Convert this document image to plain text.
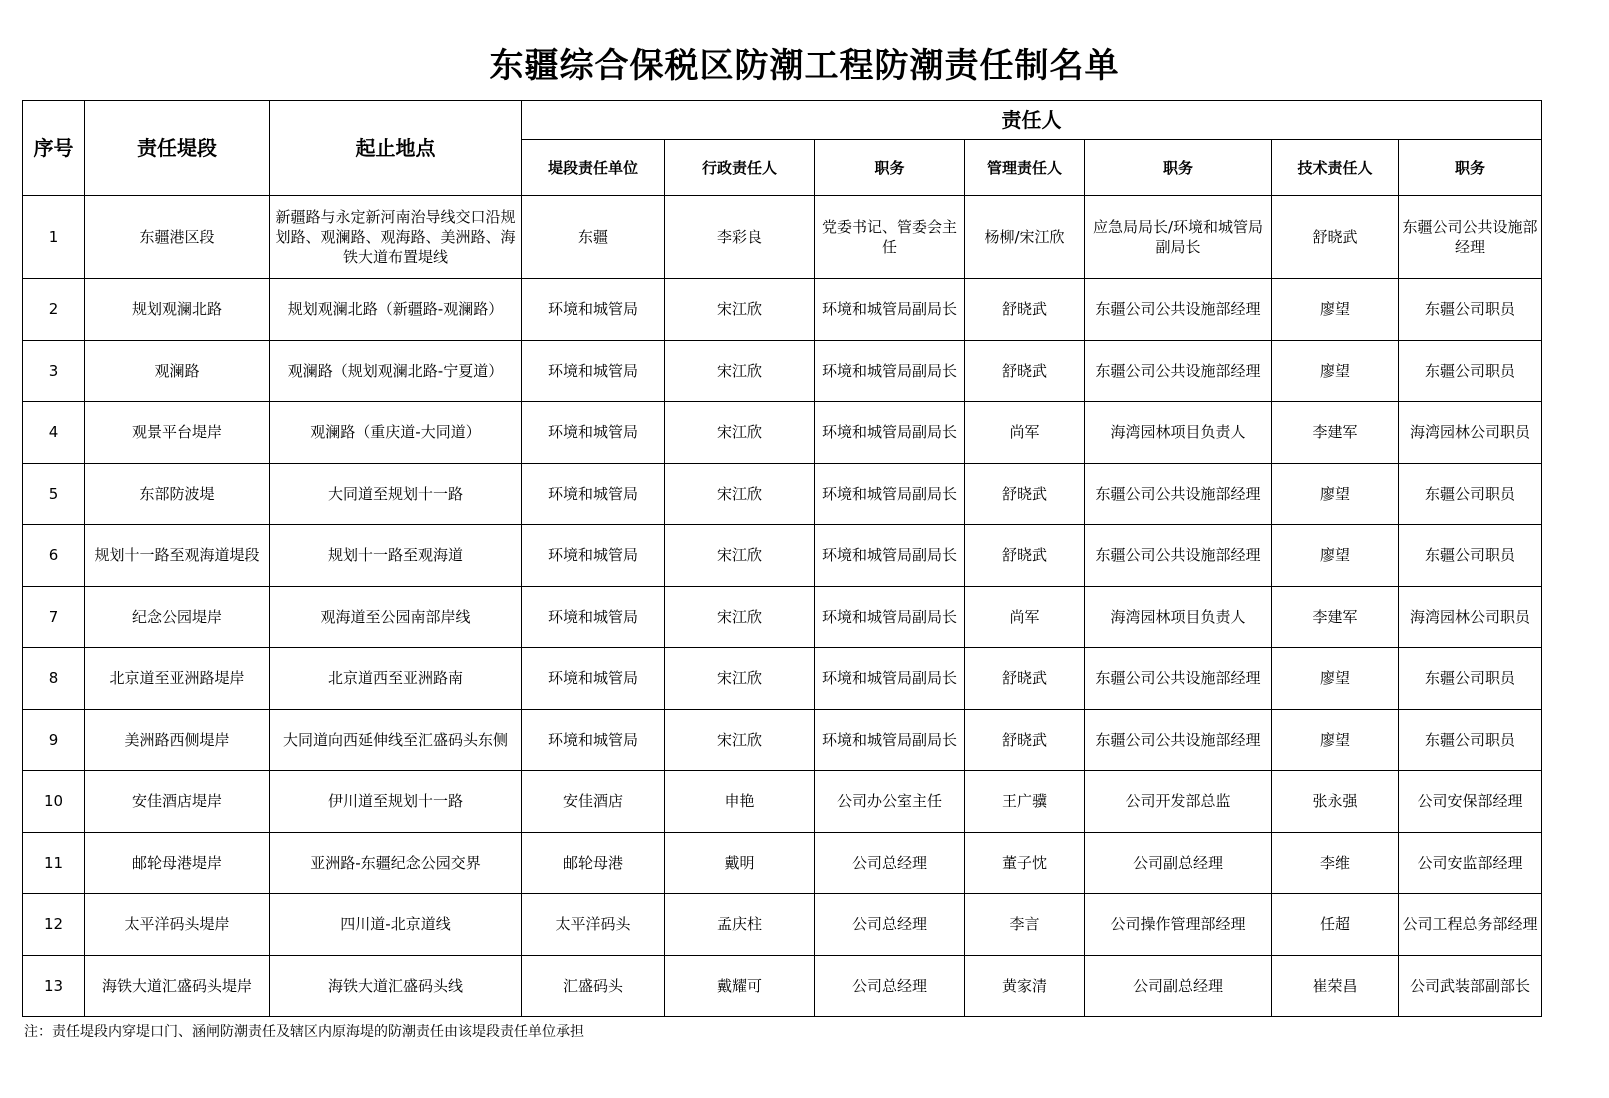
东疆综合保税区防潮工程防潮责任制名单
序号	责任堤段	起止地点	责任人						
			堤段责任单位	行政责任人	职务	管理责任人	职务	技术责任人	职务
1	东疆港区段	新疆路与永定新河南治导线交口沿规划路、观澜路、观海路、美洲路、海铁大道布置堤线	东疆	李彩良	党委书记、管委会主任	杨柳/宋江欣	应急局局长/环境和城管局副局长	舒晓武	东疆公司公共设施部经理
2	规划观澜北路	规划观澜北路（新疆路-观澜路）	环境和城管局	宋江欣	环境和城管局副局长	舒晓武	东疆公司公共设施部经理	廖望	东疆公司职员
3	观澜路	观澜路（规划观澜北路-宁夏道）	环境和城管局	宋江欣	环境和城管局副局长	舒晓武	东疆公司公共设施部经理	廖望	东疆公司职员
4	观景平台堤岸	观澜路（重庆道-大同道）	环境和城管局	宋江欣	环境和城管局副局长	尚军	海湾园林项目负责人	李建军	海湾园林公司职员
5	东部防波堤	大同道至规划十一路	环境和城管局	宋江欣	环境和城管局副局长	舒晓武	东疆公司公共设施部经理	廖望	东疆公司职员
6	规划十一路至观海道堤段	规划十一路至观海道	环境和城管局	宋江欣	环境和城管局副局长	舒晓武	东疆公司公共设施部经理	廖望	东疆公司职员
7	纪念公园堤岸	观海道至公园南部岸线	环境和城管局	宋江欣	环境和城管局副局长	尚军	海湾园林项目负责人	李建军	海湾园林公司职员
8	北京道至亚洲路堤岸	北京道西至亚洲路南	环境和城管局	宋江欣	环境和城管局副局长	舒晓武	东疆公司公共设施部经理	廖望	东疆公司职员
9	美洲路西侧堤岸	大同道向西延伸线至汇盛码头东侧	环境和城管局	宋江欣	环境和城管局副局长	舒晓武	东疆公司公共设施部经理	廖望	东疆公司职员
10	安佳酒店堤岸	伊川道至规划十一路	安佳酒店	申艳	公司办公室主任	王广骥	公司开发部总监	张永强	公司安保部经理
11	邮轮母港堤岸	亚洲路-东疆纪念公园交界	邮轮母港	戴明	公司总经理	董子忱	公司副总经理	李维	公司安监部经理
12	太平洋码头堤岸	四川道-北京道线	太平洋码头	孟庆柱	公司总经理	李言	公司操作管理部经理	任超	公司工程总务部经理
13	海铁大道汇盛码头堤岸	海铁大道汇盛码头线	汇盛码头	戴耀可	公司总经理	黄家清	公司副总经理	崔荣昌	公司武装部副部长
注：责任堤段内穿堤口门、涵闸防潮责任及辖区内原海堤的防潮责任由该堤段责任单位承担
